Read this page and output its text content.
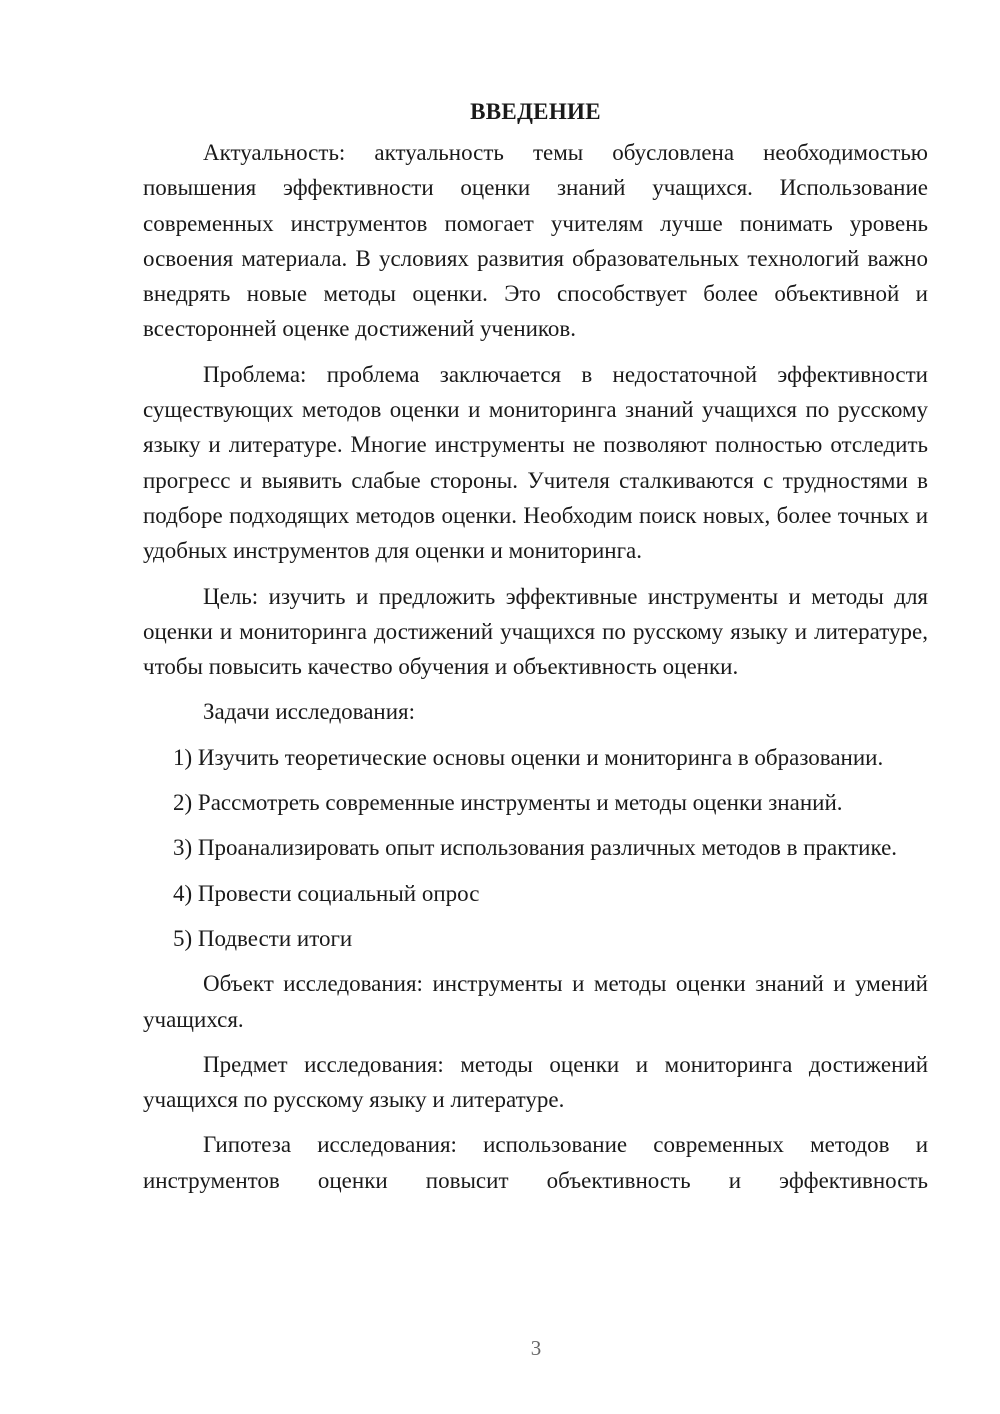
ВВЕДЕНИЕ

Актуальность: актуальность темы обусловлена необходимостью повышения эффективности оценки знаний учащихся. Использование современных инструментов помогает учителям лучше понимать уровень освоения материала. В условиях развития образовательных технологий важно внедрять новые методы оценки. Это способствует более объективной и всесторонней оценке достижений учеников.

Проблема: проблема заключается в недостаточной эффективности существующих методов оценки и мониторинга знаний учащихся по русскому языку и литературе. Многие инструменты не позволяют полностью отследить прогресс и выявить слабые стороны. Учителя сталкиваются с трудностями в подборе подходящих методов оценки. Необходим поиск новых, более точных и удобных инструментов для оценки и мониторинга.

Цель: изучить и предложить эффективные инструменты и методы для оценки и мониторинга достижений учащихся по русскому языку и литературе, чтобы повысить качество обучения и объективность оценки.

Задачи исследования:

1) Изучить теоретические основы оценки и мониторинга в образовании.

2) Рассмотреть современные инструменты и методы оценки знаний.

3) Проанализировать опыт использования различных методов в практике.

4) Провести социальный опрос

5) Подвести итоги

Объект исследования: инструменты и методы оценки знаний и умений учащихся.

Предмет исследования: методы оценки и мониторинга достижений учащихся по русскому языку и литературе.

Гипотеза исследования: использование современных методов и инструментов оценки повысит объективность и эффективность

3
